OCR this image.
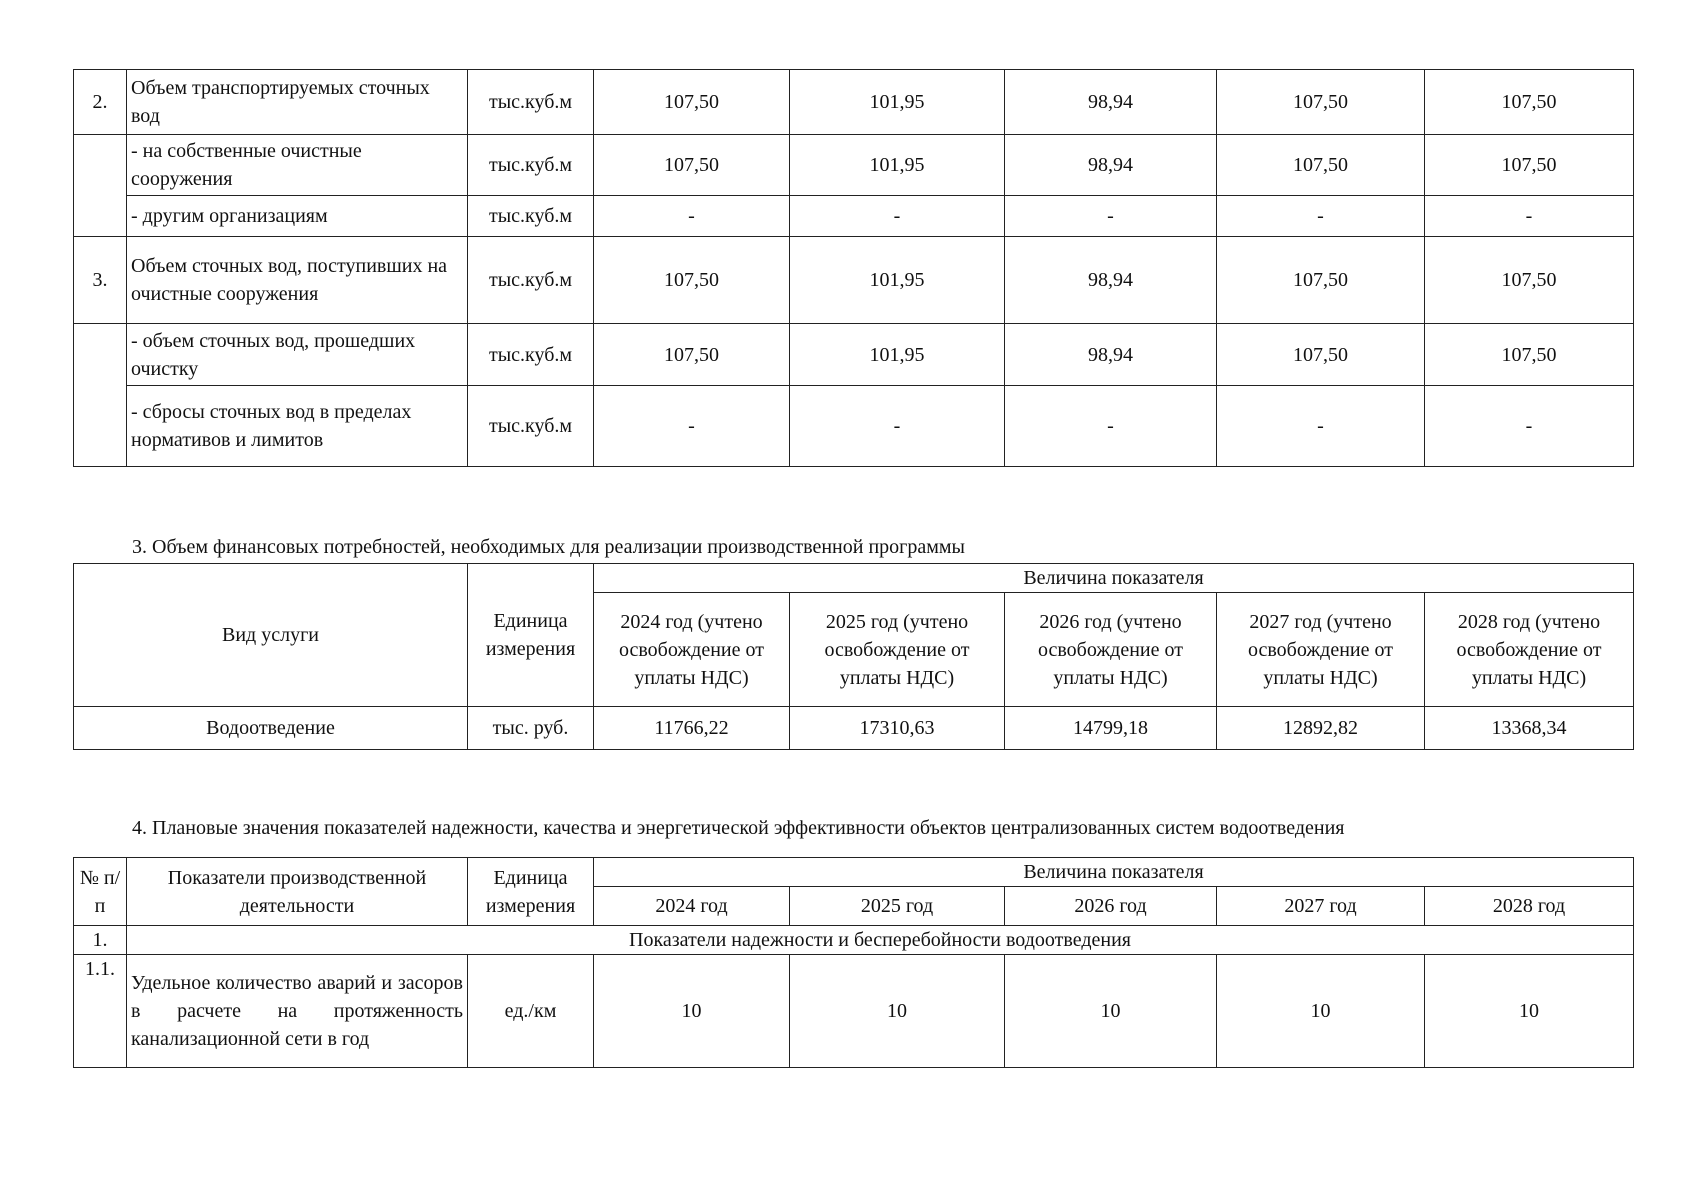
2.	Объем транспортируемых сточных вод	тыс.куб.м	107,50	101,95	98,94	107,50	107,50
	- на собственные очистные сооружения	тыс.куб.м	107,50	101,95	98,94	107,50	107,50
	- другим организациям	тыс.куб.м	-	-	-	-	-
3.	Объем сточных вод, поступивших на очистные сооружения	тыс.куб.м	107,50	101,95	98,94	107,50	107,50
	- объем сточных вод, прошедших очистку	тыс.куб.м	107,50	101,95	98,94	107,50	107,50
	- сбросы сточных вод в пределах нормативов и лимитов	тыс.куб.м	-	-	-	-	-
3. Объем финансовых потребностей, необходимых для реализации производственной программы
Вид услуги	Единица измерения	Величина показателя				
		2024 год (учтено освобождение от уплаты НДС)	2025 год (учтено освобождение от уплаты НДС)	2026 год (учтено освобождение от уплаты НДС)	2027 год (учтено освобождение от уплаты НДС)	2028 год (учтено освобождение от уплаты НДС)
Водоотведение	тыс. руб.	11766,22	17310,63	14799,18	12892,82	13368,34
4. Плановые значения показателей надежности, качества и энергетической эффективности объектов централизованных систем водоотведения
№ п/п	Показатели производственной деятельности	Единица измерения	Величина показателя				
			2024 год	2025 год	2026 год	2027 год	2028 год
1.	Показатели надежности и бесперебойности водоотведения						
1.1.	Удельное количество аварий и засоров в расчете на протяженность канализационной сети в год	ед./км	10	10	10	10	10
